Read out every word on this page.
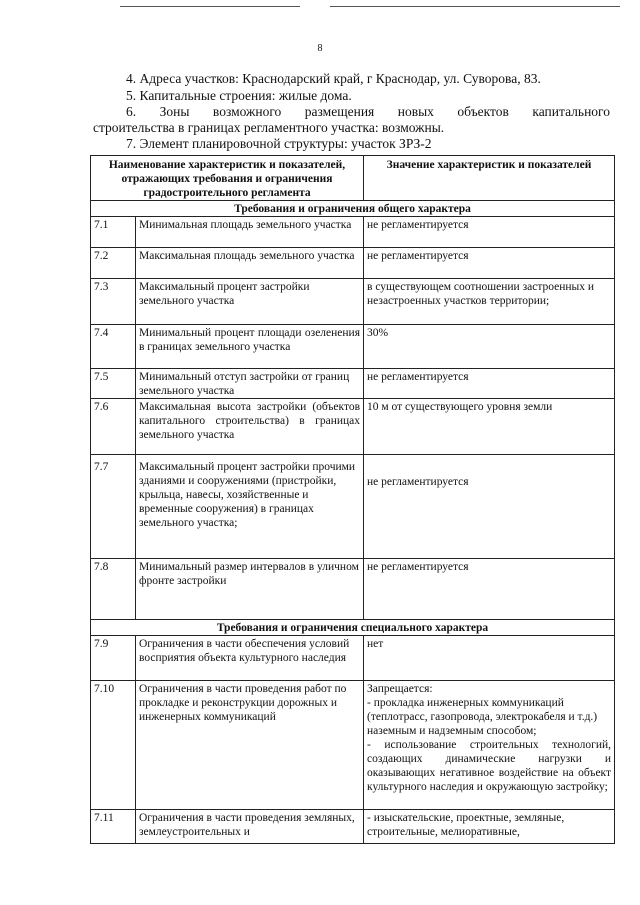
8
4. Адреса участков: Краснодарский край, г Краснодар, ул. Суворова, 83.
5. Капитальные строения: жилые дома.
6. Зоны возможного размещения новых объектов капитального
строительства в границах регламентного участка: возможны.
7. Элемент планировочной структуры: участок ЗРЗ-2
Наименование характеристик и показателей, отражающих требования и ограничения градостроительного регламента		Значение характеристик и показателей
Требования и ограничения общего характера		
7.1	Минимальная площадь земельного участка	не регламентируется
7.2	Максимальная площадь земельного участка	не регламентируется
7.3	Максимальный процент застройки земельного участка	в существующем соотношении застроенных и незастроенных участков территории;
7.4	Минимальный процент площади озеленения в границах земельного участка	30%
7.5	Минимальный отступ застройки от границ земельного участка	не регламентируется
7.6	Максимальная высота застройки (объектов капитального строительства) в границах земельного участка	10 м от существующего уровня земли
7.7	Максимальный процент застройки прочими зданиями и сооружениями (пристройки, крыльца, навесы, хозяйственные и временные сооружения) в границах земельного участка;	не регламентируется
7.8	Минимальный размер интервалов в уличном фронте застройки	не регламентируется
Требования и ограничения специального характера		
7.9	Ограничения в части обеспечения условий восприятия объекта культурного наследия	нет
7.10	Ограничения в части проведения работ по прокладке и реконструкции дорожных и инженерных коммуникаций	Запрещается:
- прокладка инженерных коммуникаций (теплотрасс, газопровода, электрокабеля и т.д.) наземным и надземным способом;
- использование строительных технологий, создающих динамические нагрузки и оказывающих негативное воздействие на объект культурного наследия и окружающую застройку;

7.11	Ограничения в части проведения земляных, землеустроительных и	- изыскательские, проектные, земляные, строительные, мелиоративные,
